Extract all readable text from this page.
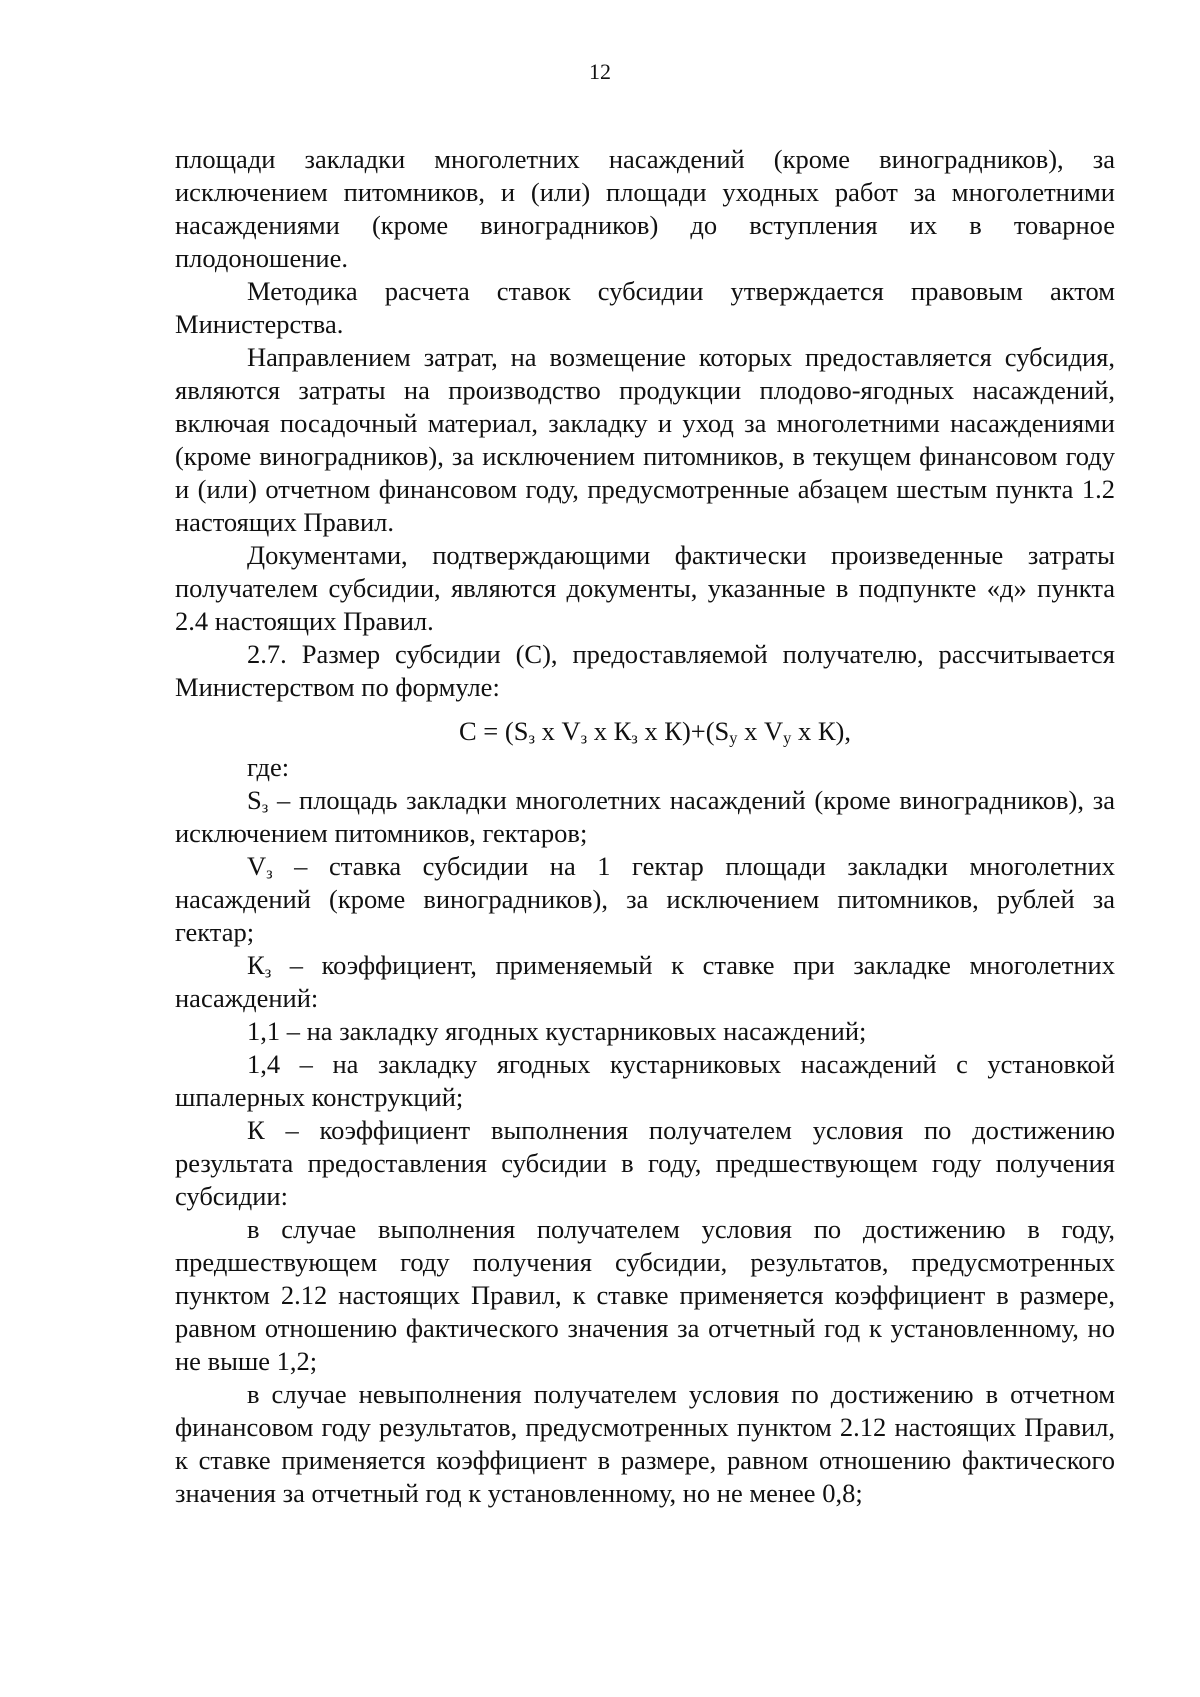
12

площади закладки многолетних насаждений (кроме виноградников), за исключением питомников, и (или) площади уходных работ за многолетними насаждениями (кроме виноградников) до вступления их в товарное плодоношение.

Методика расчета ставок субсидии утверждается правовым актом Министерства.

Направлением затрат, на возмещение которых предоставляется субсидия, являются затраты на производство продукции плодово-ягодных насаждений, включая посадочный материал, закладку и уход за многолетними насаждениями (кроме виноградников), за исключением питомников, в текущем финансовом году и (или) отчетном финансовом году, предусмотренные абзацем шестым пункта 1.2 настоящих Правил.

Документами, подтверждающими фактически произведенные затраты получателем субсидии, являются документы, указанные в подпункте «д» пункта 2.4 настоящих Правил.

2.7. Размер субсидии (С), предоставляемой получателю, рассчитывается Министерством по формуле:

$С = (S_з$ х $V_з$ х $К_з$ х $К)+(S_у$ х $V_у$ х К),

где:

$S_з$ – площадь закладки многолетних насаждений (кроме виноградников), за исключением питомников, гектаров;

$V_з$ – ставка субсидии на 1 гектар площади закладки многолетних насаждений (кроме виноградников), за исключением питомников, рублей за гектар;

$К_з$ – коэффициент, применяемый к ставке при закладке многолетних насаждений:

1,1 – на закладку ягодных кустарниковых насаждений;

1,4 – на закладку ягодных кустарниковых насаждений с установкой шпалерных конструкций;

К – коэффициент выполнения получателем условия по достижению результата предоставления субсидии в году, предшествующем году получения субсидии:

в случае выполнения получателем условия по достижению в году, предшествующем году получения субсидии, результатов, предусмотренных пунктом 2.12 настоящих Правил, к ставке применяется коэффициент в размере, равном отношению фактического значения за отчетный год к установленному, но не выше 1,2;

в случае невыполнения получателем условия по достижению в отчетном финансовом году результатов, предусмотренных пунктом 2.12 настоящих Правил, к ставке применяется коэффициент в размере, равном отношению фактического значения за отчетный год к установленному, но не менее 0,8;
